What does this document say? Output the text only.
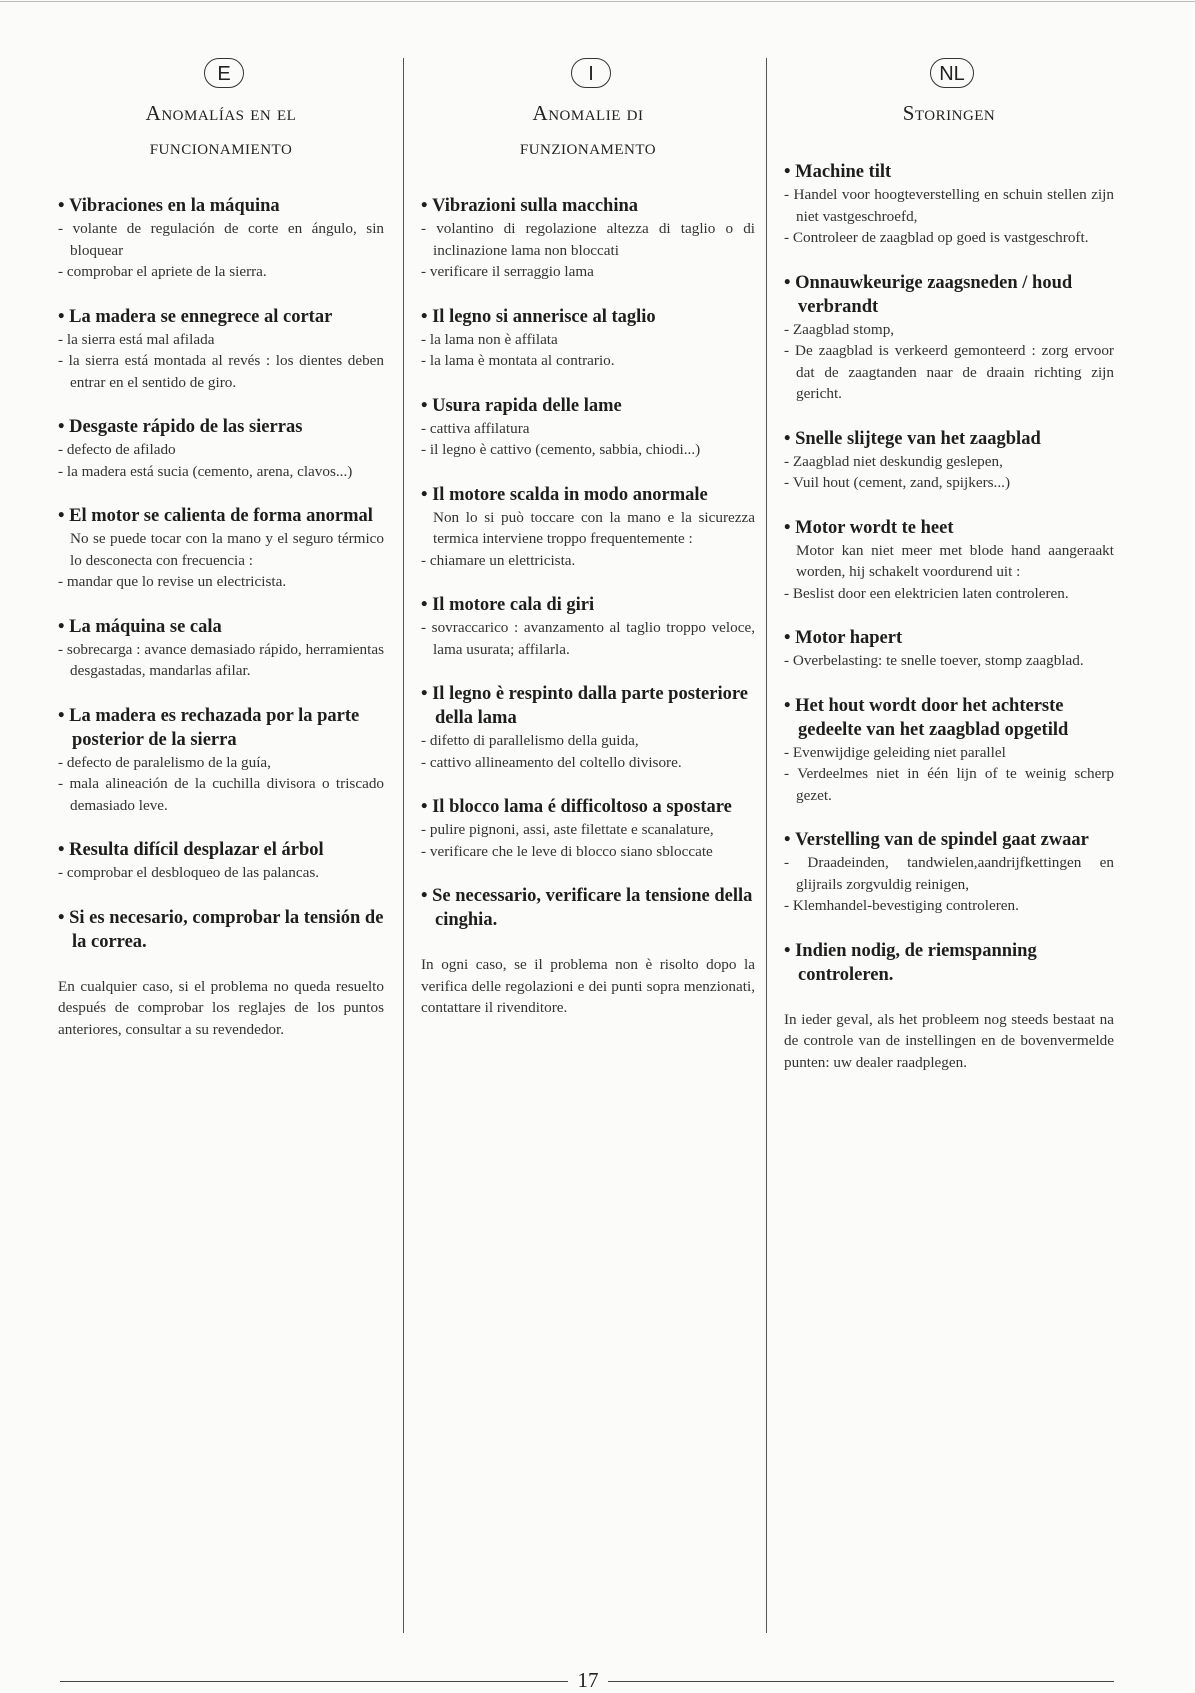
E
Anomalías en el
funcionamiento
• Vibraciones en la máquina
- volante de regulación de corte en ángulo, sin bloquear
- comprobar el apriete de la sierra.
• La madera se ennegrece al cortar
- la sierra está mal afilada
- la sierra está montada al revés : los dientes deben entrar en el sentido de giro.
• Desgaste rápido de las sierras
- defecto de afilado
- la madera está sucia (cemento, arena, clavos...)
• El motor se calienta de forma anormal
No se puede tocar con la mano y el seguro térmico lo desconecta con frecuencia :
- mandar que lo revise un electricista.
• La máquina se cala
- sobrecarga : avance demasiado rápido, herramientas desgastadas, mandarlas afilar.
• La madera es rechazada por la parte posterior de la sierra
- defecto de paralelismo de la guía,
- mala alineación de la cuchilla divisora o triscado demasiado leve.
• Resulta difícil desplazar el árbol
- comprobar el desbloqueo de las palancas.
• Si es necesario, comprobar la tensión de la correa.
En cualquier caso, si el problema no queda resuelto después de comprobar los reglajes de los puntos anteriores, consultar a su revendedor.
I
Anomalie di
funzionamento
• Vibrazioni sulla macchina
- volantino di regolazione altezza di taglio o di inclinazione lama non bloccati
- verificare il serraggio lama
• Il legno si annerisce al taglio
- la lama non è affilata
- la lama è montata al contrario.
• Usura rapida delle lame
- cattiva affilatura
- il legno è cattivo (cemento, sabbia, chiodi...)
• Il motore scalda in modo anormale
Non lo si può toccare con la mano e la sicurezza termica interviene troppo frequentemente :
- chiamare un elettricista.
• Il motore cala di giri
- sovraccarico : avanzamento al taglio troppo veloce, lama usurata; affilarla.
• Il legno è respinto dalla parte posteriore della lama
- difetto di parallelismo della guida,
- cattivo allineamento del coltello divisore.
• Il blocco lama é difficoltoso a spostare
- pulire pignoni, assi, aste filettate e scanalature,
- verificare che le leve di blocco siano sbloccate
• Se necessario, verificare la tensione della cinghia.
In ogni caso, se il problema non è risolto dopo la verifica delle regolazioni e dei punti sopra menzionati, contattare il rivenditore.
NL
Storingen
• Machine tilt
- Handel voor hoogteverstelling en schuin stellen zijn niet vastgeschroefd,
- Controleer de zaagblad op goed is vastgeschroft.
• Onnauwkeurige zaagsneden / houd verbrandt
- Zaagblad stomp,
- De zaagblad is verkeerd gemonteerd : zorg ervoor dat de zaagtanden naar de draain richting zijn gericht.
• Snelle slijtege van het zaagblad
- Zaagblad niet deskundig geslepen,
- Vuil hout (cement, zand, spijkers...)
• Motor wordt te heet
Motor kan niet meer met blode hand aangeraakt worden, hij schakelt voordurend uit :
- Beslist door een elektricien laten controleren.
• Motor hapert
- Overbelasting: te snelle toever, stomp zaagblad.
• Het hout wordt door het achterste gedeelte van het zaagblad opgetild
- Evenwijdige geleiding niet parallel
- Verdeelmes niet in één lijn of te weinig scherp gezet.
• Verstelling van de spindel gaat zwaar
- Draadeinden, tandwielen,aandrijfkettingen en glijrails zorgvuldig reinigen,
- Klemhandel-bevestiging controleren.
• Indien nodig, de riemspanning controleren.
In ieder geval, als het probleem nog steeds bestaat na de controle van de instellingen en de bovenvermelde punten: uw dealer raadplegen.
17
